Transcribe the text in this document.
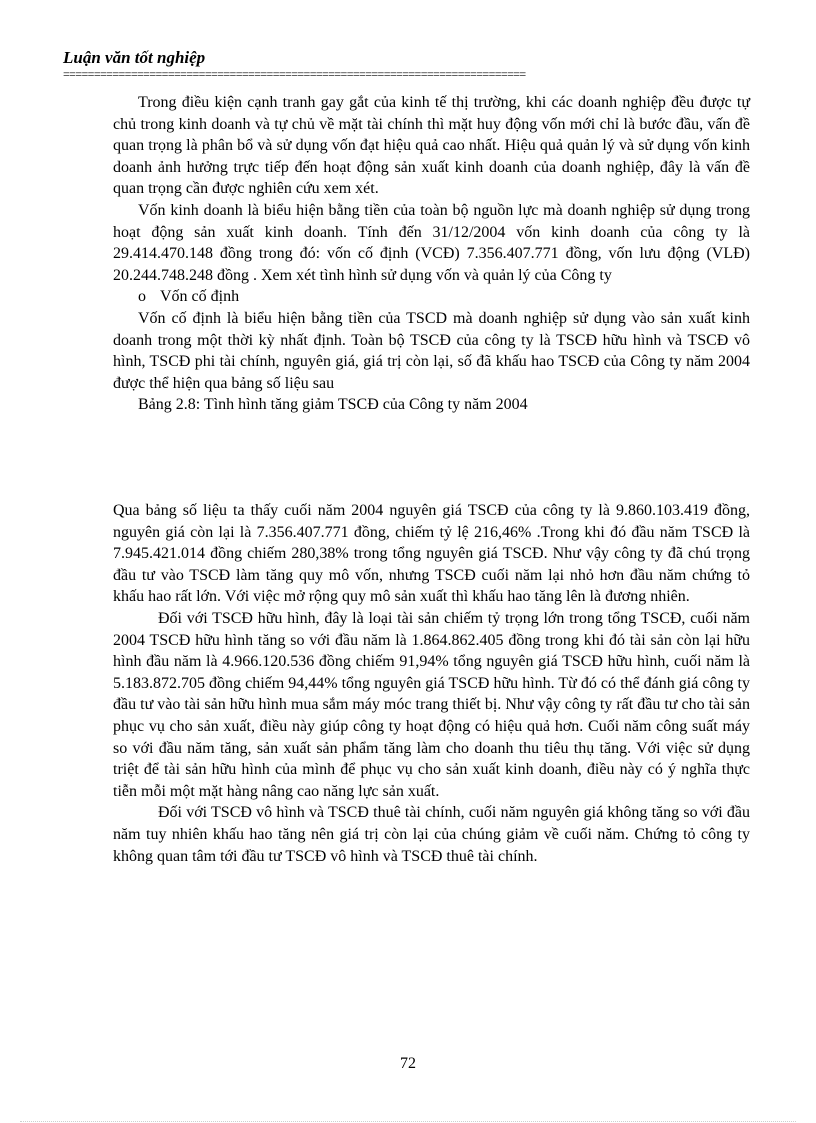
Luận văn tốt nghiệp
===========================================================================

Trong điều kiện cạnh tranh gay gắt của kinh tế thị trường, khi các doanh nghiệp đều được tự chủ trong kinh doanh và tự chủ về mặt tài chính thì mặt huy động vốn mới chỉ là bước đầu, vấn đề quan trọng là phân bổ và sử dụng vốn đạt hiệu quả cao nhất. Hiệu quả quản lý và sử dụng vốn kinh doanh ảnh hưởng trực tiếp đến hoạt động sản xuất kinh doanh của doanh nghiệp, đây là vấn đề quan trọng cần được nghiên cứu xem xét.

Vốn kinh doanh là biểu hiện bằng tiền của toàn bộ nguồn lực mà doanh nghiệp sử dụng trong hoạt động sản xuất kinh doanh. Tính đến 31/12/2004 vốn kinh doanh của công ty là 29.414.470.148 đồng trong đó: vốn cố định (VCĐ) 7.356.407.771 đồng, vốn lưu động (VLĐ) 20.244.748.248 đồng . Xem xét tình hình sử dụng vốn và quản lý của Công ty

o Vốn cố định

Vốn cố định là biểu hiện bằng tiền của TSCD mà doanh nghiệp sử dụng vào sản xuất kinh doanh trong một thời kỳ nhất định. Toàn bộ TSCĐ của công ty là TSCĐ hữu hình và TSCĐ vô hình, TSCĐ phi tài chính, nguyên giá, giá trị còn lại, số đã khấu hao TSCĐ của Công ty năm 2004 được thể hiện qua bảng số liệu sau

Bảng 2.8: Tình hình tăng giảm TSCĐ của Công ty năm 2004

Qua bảng số liệu ta thấy cuối năm 2004 nguyên giá TSCĐ của công ty là 9.860.103.419 đồng, nguyên giá còn lại là 7.356.407.771 đồng, chiếm tỷ lệ 216,46% .Trong khi đó đầu năm TSCĐ là 7.945.421.014 đồng chiếm 280,38% trong tổng nguyên giá TSCĐ. Như vậy công ty đã chú trọng đầu tư vào TSCĐ làm tăng quy mô vốn, nhưng TSCĐ cuối năm lại nhỏ hơn đầu năm chứng tỏ khấu hao rất lớn. Với việc mở rộng quy mô sản xuất thì khấu hao tăng lên là đương nhiên.

Đối với TSCĐ hữu hình, đây là loại tài sản chiếm tỷ trọng lớn trong tổng TSCĐ, cuối năm 2004 TSCĐ hữu hình tăng so với đầu năm là 1.864.862.405 đồng trong khi đó tài sản còn lại hữu hình đầu năm là 4.966.120.536 đồng chiếm 91,94% tổng nguyên giá TSCĐ hữu hình, cuối năm là 5.183.872.705 đồng chiếm 94,44% tổng nguyên giá TSCĐ hữu hình. Từ đó có thể đánh giá công ty đầu tư vào tài sản hữu hình mua sắm máy móc trang thiết bị. Như vậy công ty rất đầu tư cho tài sản phục vụ cho sản xuất, điều này giúp công ty hoạt động có hiệu quả hơn. Cuối năm công suất máy so với đầu năm tăng, sản xuất sản phẩm tăng làm cho doanh thu tiêu thụ tăng. Với việc sử dụng triệt để tài sản hữu hình của mình để phục vụ cho sản xuất kinh doanh, điều này có ý nghĩa thực tiễn mỗi một mặt hàng nâng cao năng lực sản xuất.

Đối với TSCĐ vô hình và TSCĐ thuê tài chính, cuối năm nguyên giá không tăng so với đầu năm tuy nhiên khấu hao tăng nên giá trị còn lại của chúng giảm về cuối năm. Chứng tỏ công ty không quan tâm tới đầu tư TSCĐ vô hình và TSCĐ thuê tài chính.

72
